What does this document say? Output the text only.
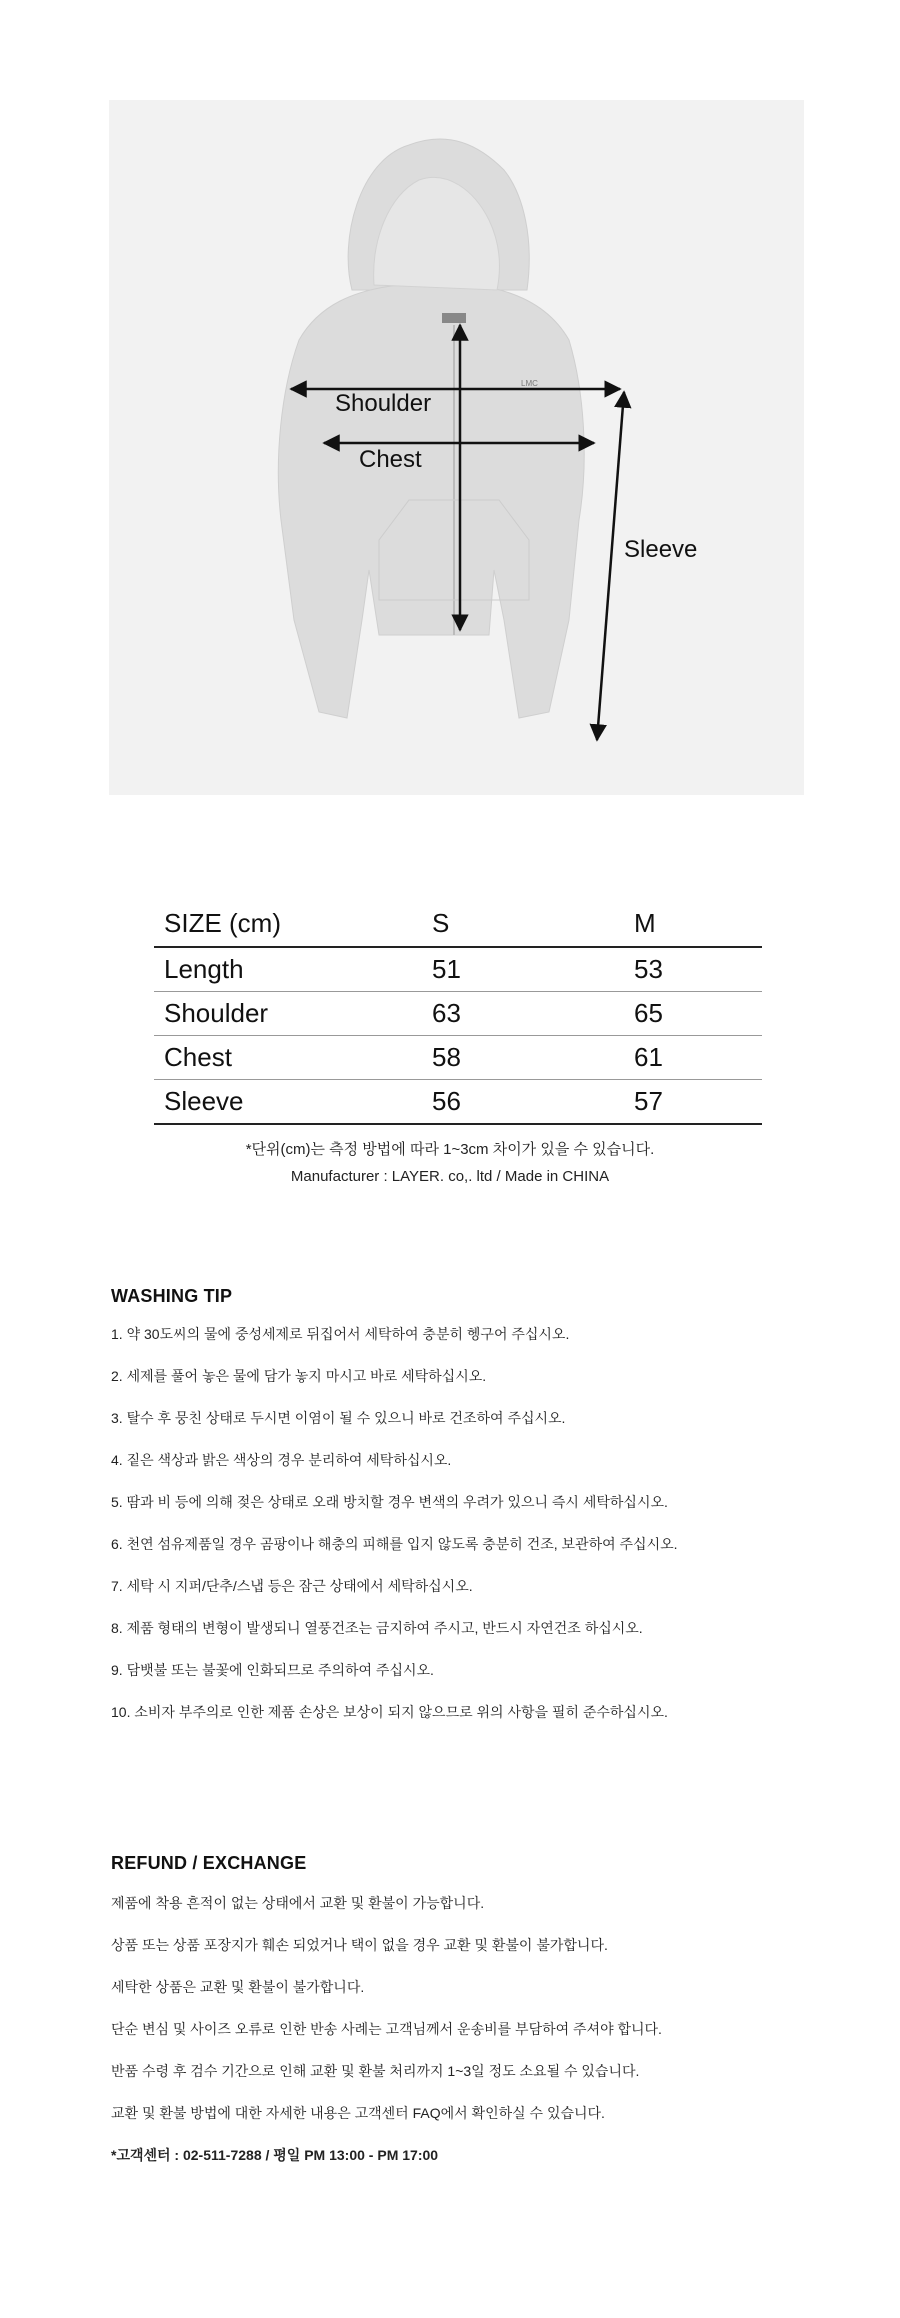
LMC
Shoulder
Chest
Sleeve
SIZE (cm)	S	M
Length	51	53
Shoulder	63	65
Chest	58	61
Sleeve	56	57
*단위(cm)는 측정 방법에 따라 1~3cm 차이가 있을 수 있습니다.
Manufacturer : LAYER. co,. ltd / Made in CHINA
WASHING TIP
1. 약 30도씨의 물에 중성세제로 뒤집어서 세탁하여 충분히 헹구어 주십시오.
2. 세제를 풀어 놓은 물에 담가 놓지 마시고 바로 세탁하십시오.
3. 탈수 후 뭉친 상태로 두시면 이염이 될 수 있으니 바로 건조하여 주십시오.
4. 짙은 색상과 밝은 색상의 경우 분리하여 세탁하십시오.
5. 땀과 비 등에 의해 젖은 상태로 오래 방치할 경우 변색의 우려가 있으니 즉시 세탁하십시오.
6. 천연 섬유제품일 경우 곰팡이나 해충의 피해를 입지 않도록 충분히 건조, 보관하여 주십시오.
7. 세탁 시 지퍼/단추/스냅 등은 잠근 상태에서 세탁하십시오.
8. 제품 형태의 변형이 발생되니 열풍건조는 금지하여 주시고, 반드시 자연건조 하십시오.
9. 담뱃불 또는 불꽃에 인화되므로 주의하여 주십시오.
10. 소비자 부주의로 인한 제품 손상은 보상이 되지 않으므로 위의 사항을 필히 준수하십시오.
REFUND / EXCHANGE
제품에 착용 흔적이 없는 상태에서 교환 및 환불이 가능합니다.
상품 또는 상품 포장지가 훼손 되었거나 택이 없을 경우 교환 및 환불이 불가합니다.
세탁한 상품은 교환 및 환불이 불가합니다.
단순 변심 및 사이즈 오류로 인한 반송 사례는 고객님께서 운송비를 부담하여 주셔야 합니다.
반품 수령 후 검수 기간으로 인해 교환 및 환불 처리까지 1~3일 정도 소요될 수 있습니다.
교환 및 환불 방법에 대한 자세한 내용은 고객센터 FAQ에서 확인하실 수 있습니다.
*고객센터 : 02-511-7288 / 평일 PM 13:00 - PM 17:00
